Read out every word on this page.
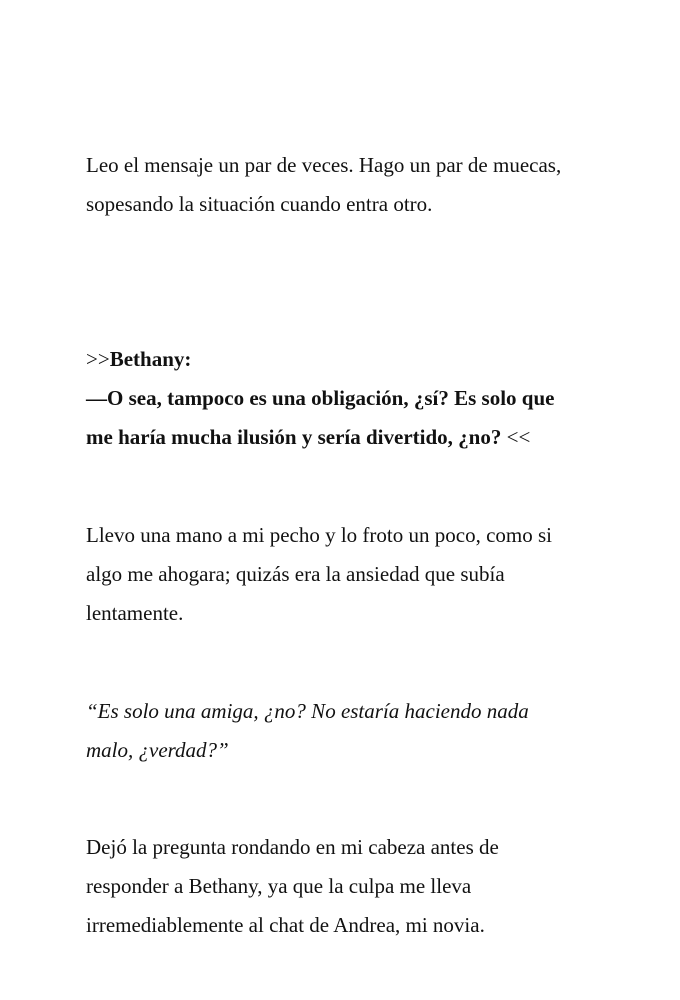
Leo el mensaje un par de veces. Hago un par de muecas,
sopesando la situación cuando entra otro.

>>Bethany:
—O sea, tampoco es una obligación, ¿sí? Es solo que
me haría mucha ilusión y sería divertido, ¿no? <<

Llevo una mano a mi pecho y lo froto un poco, como si
algo me ahogara; quizás era la ansiedad que subía
lentamente.

“Es solo una amiga, ¿no? No estaría haciendo nada
malo, ¿verdad?”

Dejó la pregunta rondando en mi cabeza antes de
responder a Bethany, ya que la culpa me lleva
irremediablemente al chat de Andrea, mi novia.
